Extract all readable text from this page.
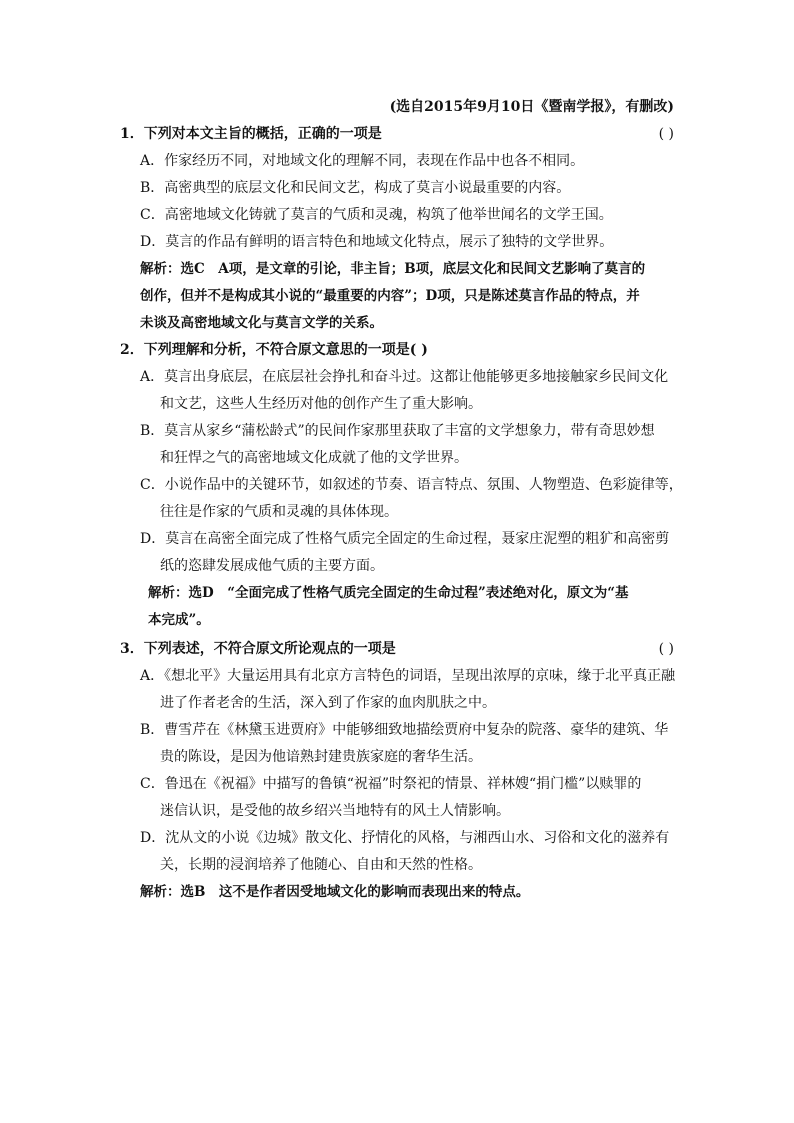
(选自2015年9月10日《暨南学报》，有删改)
1．下列对本文主旨的概括，正确的一项是	( )
A．作家经历不同，对地域文化的理解不同，表现在作品中也各不相同。
B．高密典型的底层文化和民间文艺，构成了莫言小说最重要的内容。
C．高密地域文化铸就了莫言的气质和灵魂，构筑了他举世闻名的文学王国。
D．莫言的作品有鲜明的语言特色和地域文化特点，展示了独特的文学世界。
解析：选C　A项，是文章的引论，非主旨；B项，底层文化和民间文艺影响了莫言的
创作，但并不是构成其小说的“最重要的内容”；D项，只是陈述莫言作品的特点，并
未谈及高密地域文化与莫言文学的关系。
2．下列理解和分析，不符合原文意思的一项是( )
A．莫言出身底层，在底层社会挣扎和奋斗过。这都让他能够更多地接触家乡民间文化
和文艺，这些人生经历对他的创作产生了重大影响。
B．莫言从家乡“蒲松龄式”的民间作家那里获取了丰富的文学想象力，带有奇思妙想
和狂悍之气的高密地域文化成就了他的文学世界。
C．小说作品中的关键环节，如叙述的节奏、语言特点、氛围、人物塑造、色彩旋律等，
往往是作家的气质和灵魂的具体体现。
D．莫言在高密全面完成了性格气质完全固定的生命过程，聂家庄泥塑的粗犷和高密剪
纸的恣肆发展成他气质的主要方面。
解析：选D　“全面完成了性格气质完全固定的生命过程”表述绝对化，原文为“基
本完成”。
3．下列表述，不符合原文所论观点的一项是	( )
A．《想北平》大量运用具有北京方言特色的词语，呈现出浓厚的京味，缘于北平真正融
进了作者老舍的生活，深入到了作家的血肉肌肤之中。
B．曹雪芹在《林黛玉进贾府》中能够细致地描绘贾府中复杂的院落、豪华的建筑、华
贵的陈设，是因为他谙熟封建贵族家庭的奢华生活。
C．鲁迅在《祝福》中描写的鲁镇“祝福”时祭祀的情景、祥林嫂“捐门槛”以赎罪的
迷信认识，是受他的故乡绍兴当地特有的风土人情影响。
D．沈从文的小说《边城》散文化、抒情化的风格，与湘西山水、习俗和文化的滋养有
关，长期的浸润培养了他随心、自由和天然的性格。
解析：选B　这不是作者因受地域文化的影响而表现出来的特点。
